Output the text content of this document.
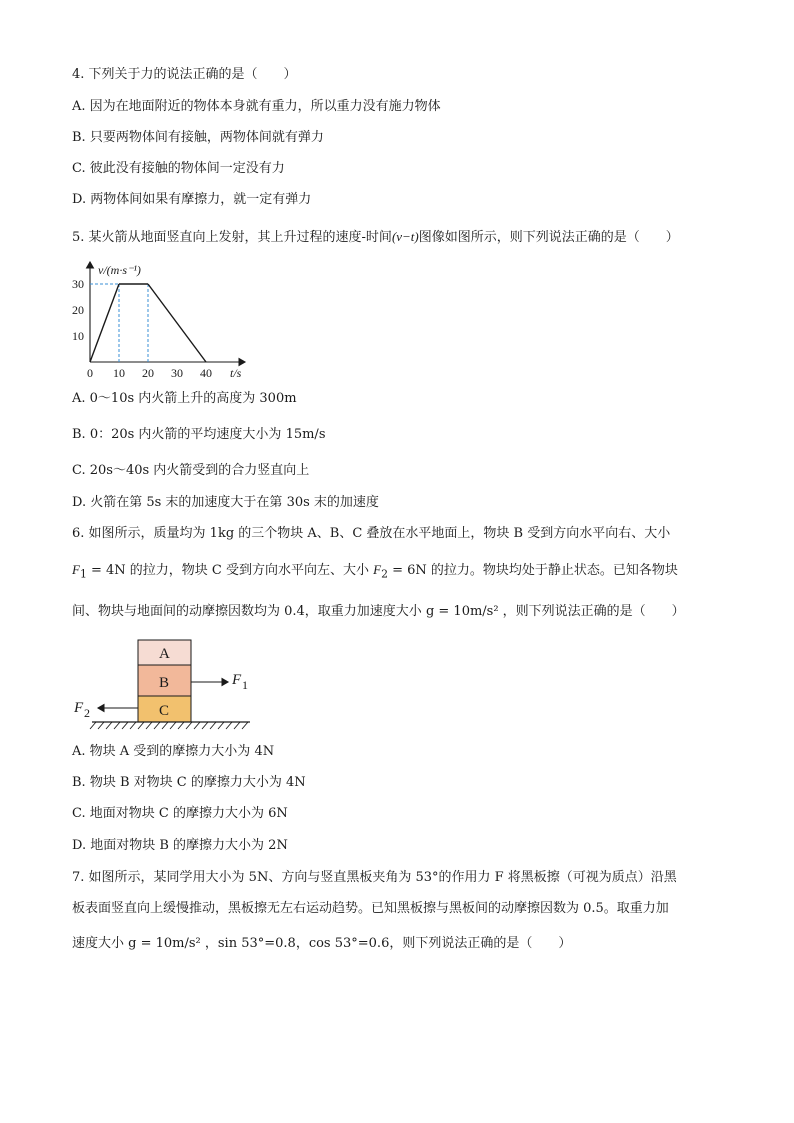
4. 下列关于力的说法正确的是（　　）
A. 因为在地面附近的物体本身就有重力，所以重力没有施力物体
B. 只要两物体间有接触，两物体间就有弹力
C. 彼此没有接触的物体间一定没有力
D. 两物体间如果有摩擦力，就一定有弹力
5. 某火箭从地面竖直向上发射，其上升过程的速度-时间(v−t)图像如图所示，则下列说法正确的是（　　）
0 10 20 30 40
10
20
30
v/(m·s⁻¹)
t/s
A. 0～10s 内火箭上升的高度为 300m
B. 0：20s 内火箭的平均速度大小为 15m/s
C. 20s～40s 内火箭受到的合力竖直向上
D. 火箭在第 5s 末的加速度大于在第 30s 末的加速度
6. 如图所示，质量均为 1kg 的三个物块 A、B、C 叠放在水平地面上，物块 B 受到方向水平向右、大小
$F_1 = 4N$ 的拉力，物块 C 受到方向水平向左、大小 $F_2 = 6N$ 的拉力。物块均处于静止状态。已知各物块
间、物块与地面间的动摩擦因数均为 0.4，取重力加速度大小 g = 10m/s² ，则下列说法正确的是（　　）
A
B
C
F 1
F 2
A. 物块 A 受到的摩擦力大小为 4N
B. 物块 B 对物块 C 的摩擦力大小为 4N
C. 地面对物块 C 的摩擦力大小为 6N
D. 地面对物块 B 的摩擦力大小为 2N
7. 如图所示，某同学用大小为 5N、方向与竖直黑板夹角为 53°的作用力 F 将黑板擦（可视为质点）沿黑
板表面竖直向上缓慢推动，黑板擦无左右运动趋势。已知黑板擦与黑板间的动摩擦因数为 0.5。取重力加
速度大小 g = 10m/s² ，sin 53°=0.8，cos 53°=0.6，则下列说法正确的是（　　）
